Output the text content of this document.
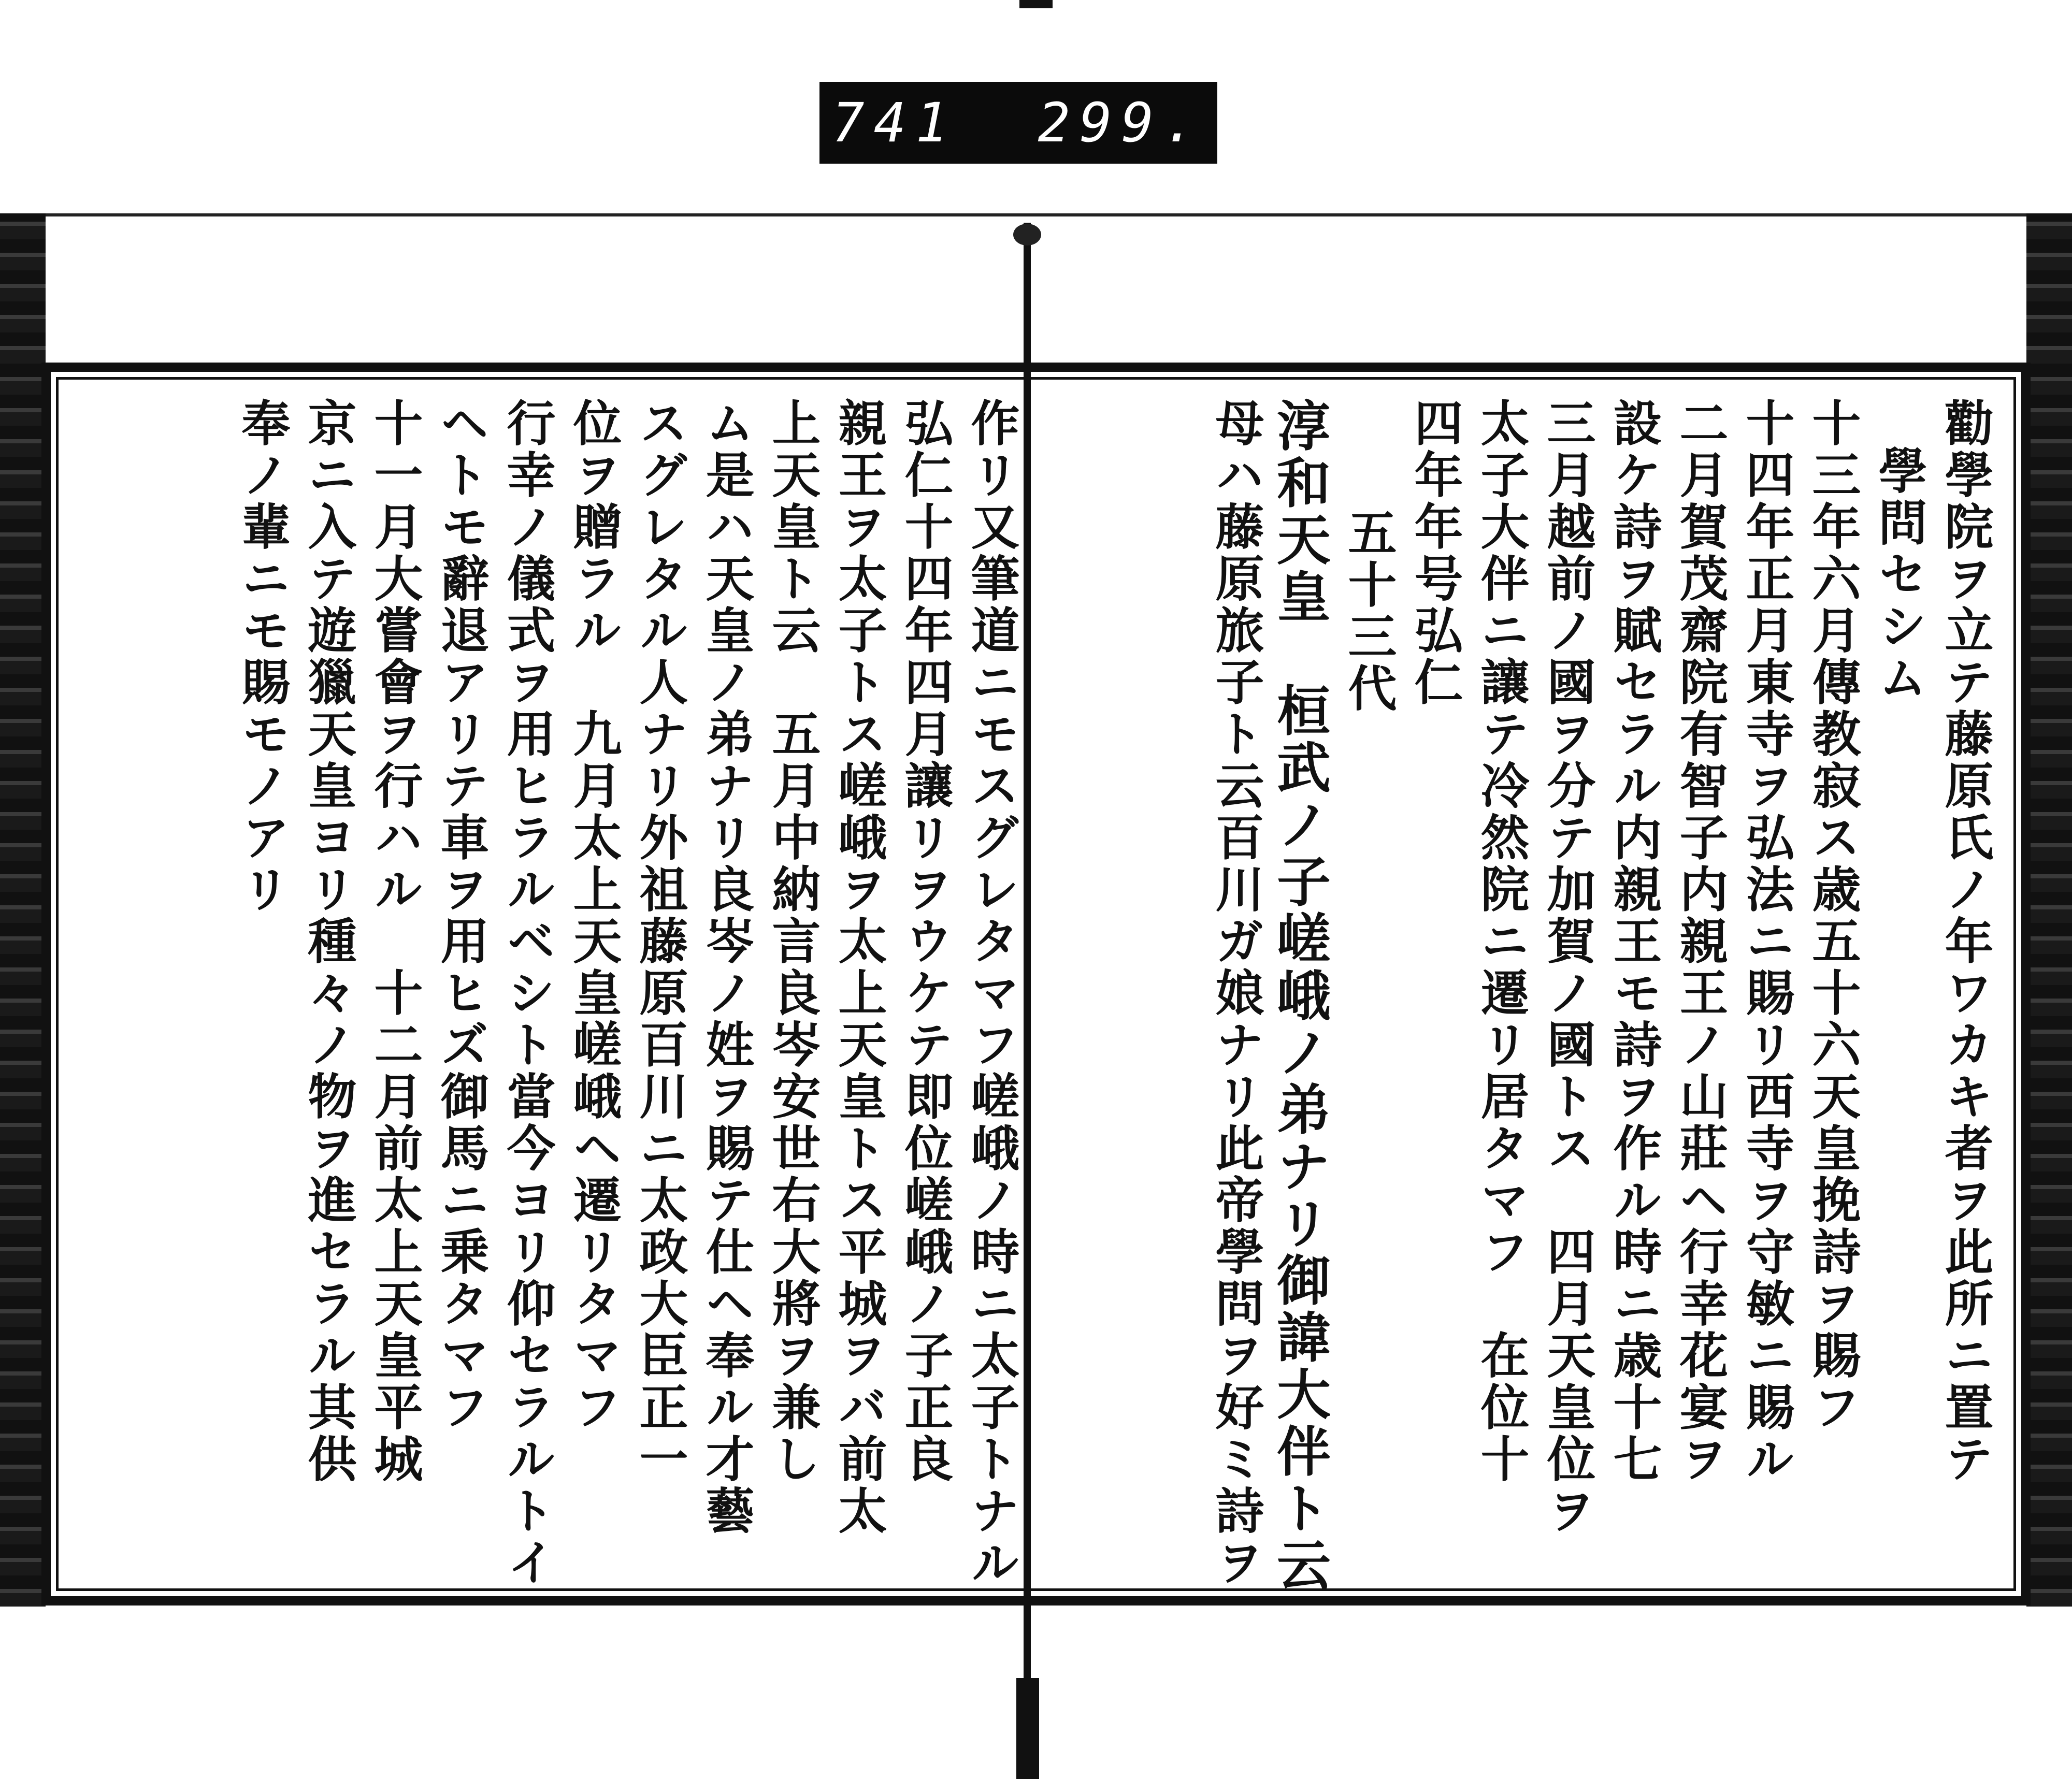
741 299.
勸學院ヲ立テ藤原氏ノ年ワカキ者ヲ此所ニ置テ
學問セシム
十三年六月傳教寂ス歳五十六天皇挽詩ヲ賜フ
十四年正月東寺ヲ弘法ニ賜リ西寺ヲ守敏ニ賜ル
二月賀茂齋院有智子内親王ノ山莊ヘ行幸花宴ヲ
設ケ詩ヲ賦セラル内親王モ詩ヲ作ル時ニ歳十七
三月越前ノ國ヲ分テ加賀ノ國トス　四月天皇位ヲ
太子大伴ニ讓テ冷然院ニ遷リ居タマフ　在位十
四年年号弘仁
五十三代
淳和天皇　桓武ノ子嵯峨ノ弟ナリ御諱大伴ト云
母ハ藤原旅子ト云百川ガ娘ナリ此帝學問ヲ好ミ詩ヲ
作リ又筆道ニモスグレタマフ嵯峨ノ時ニ太子トナル
弘仁十四年四月讓リヲウケテ即位嵯峨ノ子正良
親王ヲ太子トス嵯峨ヲ太上天皇トス平城ヲバ前太
上天皇ト云　五月中納言良岑安世右大將ヲ兼し
ム是ハ天皇ノ弟ナリ良岑ノ姓ヲ賜テ仕ヘ奉ル才藝
スグレタル人ナリ外祖藤原百川ニ太政大臣正一
位ヲ贈ラル　九月太上天皇嵯峨ヘ遷リタマフ
行幸ノ儀式ヲ用ヒラルベシト當今ヨリ仰セラルトイ
ヘトモ辭退アリテ車ヲ用ヒズ御馬ニ乗タマフ
十一月大嘗會ヲ行ハル　十二月前太上天皇平城
京ニ入テ遊獵天皇ヨリ種々ノ物ヲ進セラル其供
奉ノ輩ニモ賜モノアリ
